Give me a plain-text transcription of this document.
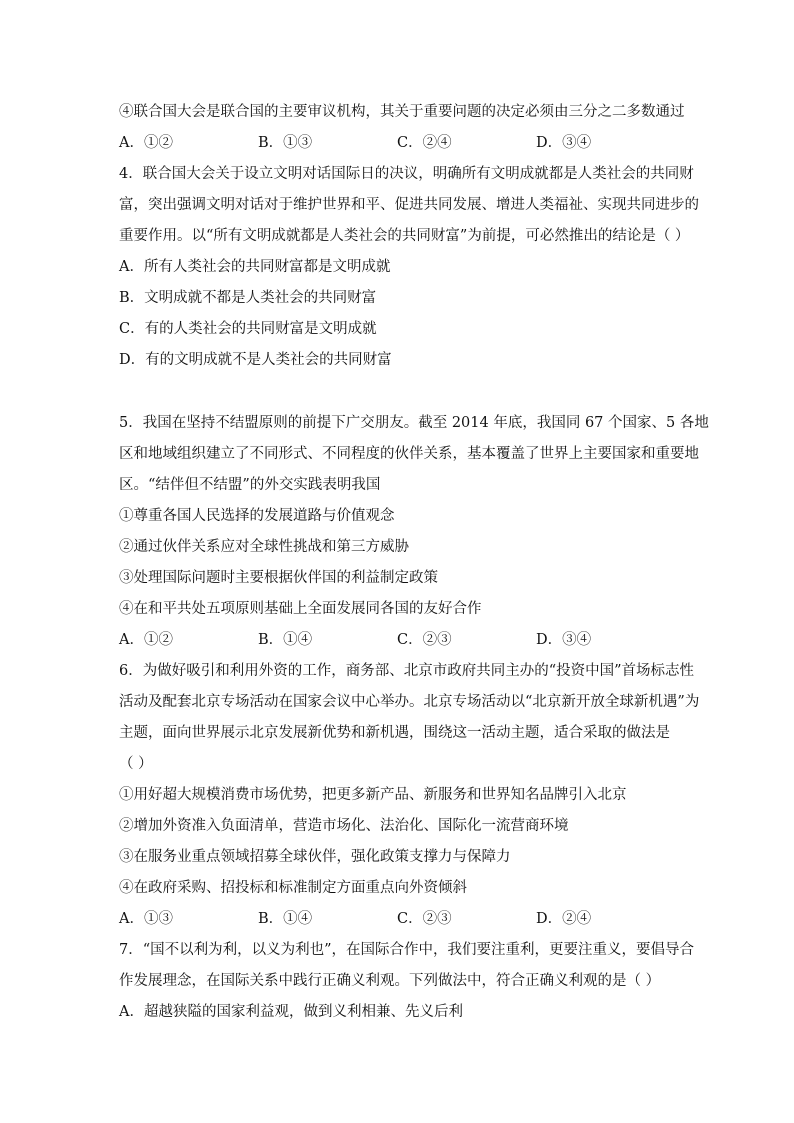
④联合国大会是联合国的主要审议机构，其关于重要问题的决定必须由三分之二多数通过
A．①②	B．①③	C．②④	D．③④
4．联合国大会关于设立文明对话国际日的决议，明确所有文明成就都是人类社会的共同财
富，突出强调文明对话对于维护世界和平、促进共同发展、增进人类福祉、实现共同进步的
重要作用。以“所有文明成就都是人类社会的共同财富”为前提，可必然推出的结论是（ ）
A．所有人类社会的共同财富都是文明成就
B．文明成就不都是人类社会的共同财富
C．有的人类社会的共同财富是文明成就
D．有的文明成就不是人类社会的共同财富
5．我国在坚持不结盟原则的前提下广交朋友。截至 2014 年底，我国同 67 个国家、5 各地
区和地域组织建立了不同形式、不同程度的伙伴关系，基本覆盖了世界上主要国家和重要地
区。“结伴但不结盟”的外交实践表明我国
①尊重各国人民选择的发展道路与价值观念
②通过伙伴关系应对全球性挑战和第三方威胁
③处理国际问题时主要根据伙伴国的利益制定政策
④在和平共处五项原则基础上全面发展同各国的友好合作
A．①②	B．①④	C．②③	D．③④
6．为做好吸引和利用外资的工作，商务部、北京市政府共同主办的“投资中国”首场标志性
活动及配套北京专场活动在国家会议中心举办。北京专场活动以“北京新开放全球新机遇”为
主题，面向世界展示北京发展新优势和新机遇，围绕这一活动主题，适合采取的做法是
（ ）
①用好超大规模消费市场优势，把更多新产品、新服务和世界知名品牌引入北京
②增加外资准入负面清单，营造市场化、法治化、国际化一流营商环境
③在服务业重点领域招募全球伙伴，强化政策支撑力与保障力
④在政府采购、招投标和标准制定方面重点向外资倾斜
A．①③	B．①④	C．②③	D．②④
7．“国不以利为利，以义为利也”，在国际合作中，我们要注重利，更要注重义，要倡导合
作发展理念，在国际关系中践行正确义利观。下列做法中，符合正确义利观的是（ ）
A．超越狭隘的国家利益观，做到义利相兼、先义后利
